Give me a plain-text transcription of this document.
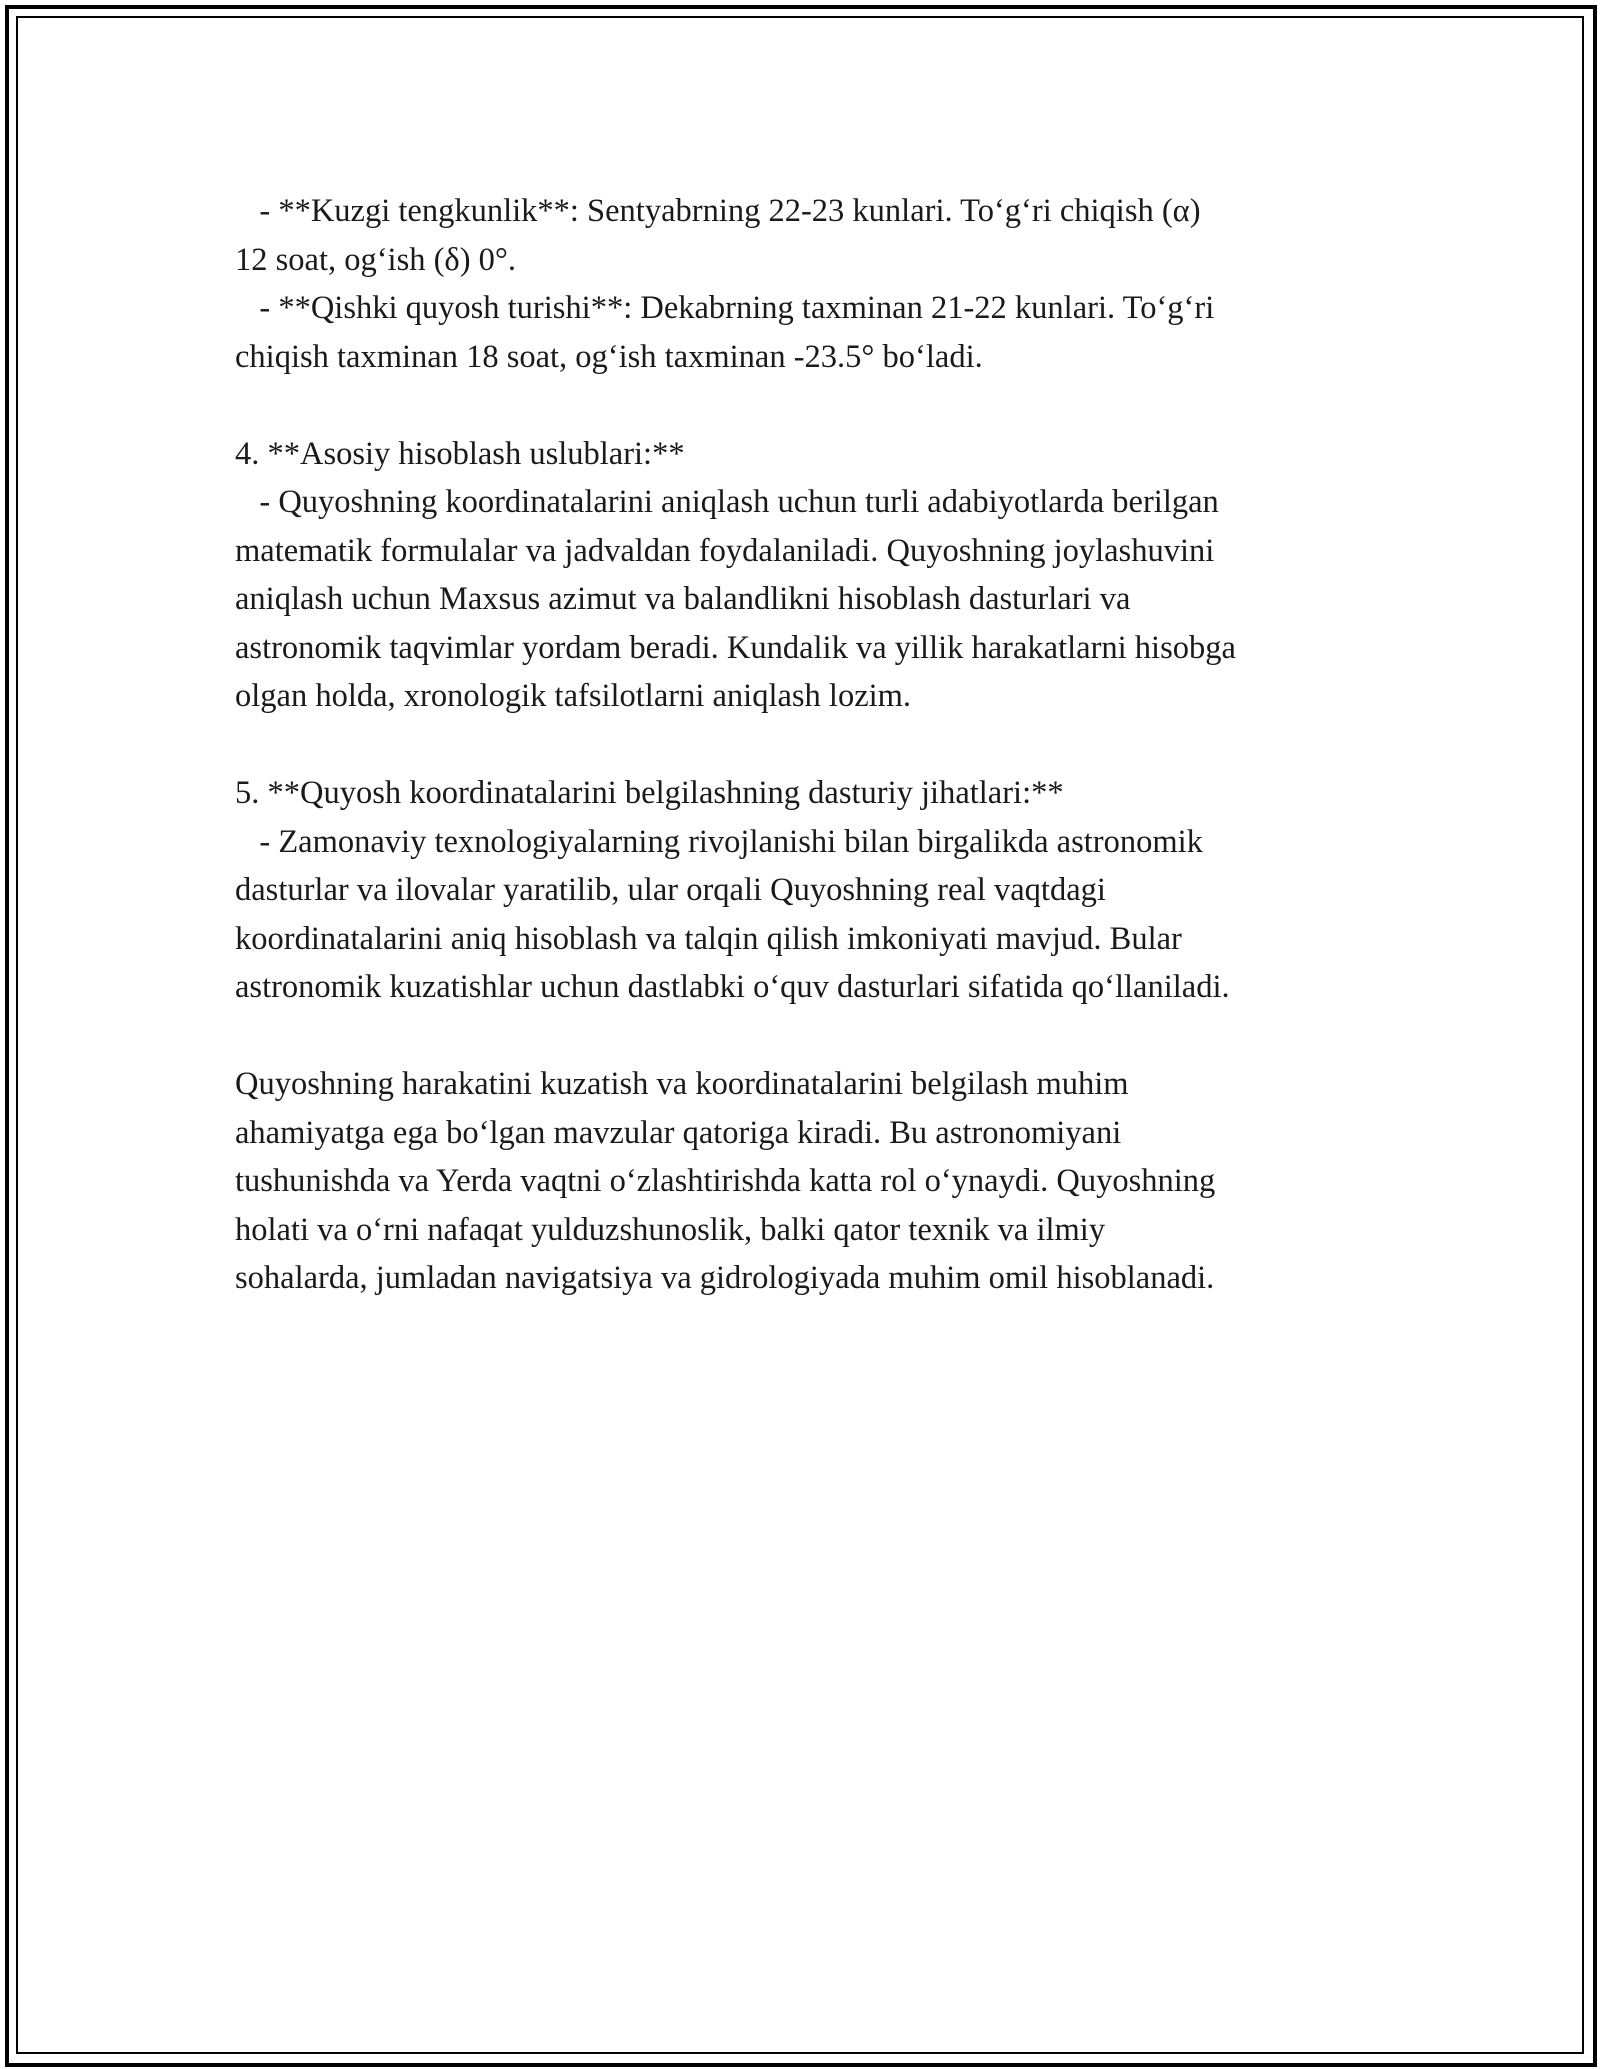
- **Kuzgi tengkunlik**: Sentyabrning 22-23 kunlari. To‘g‘ri chiqish (α)
12 soat, og‘ish (δ) 0°.
- **Qishki quyosh turishi**: Dekabrning taxminan 21-22 kunlari. To‘g‘ri
chiqish taxminan 18 soat, og‘ish taxminan -23.5° bo‘ladi.

4. **Asosiy hisoblash uslublari:**
- Quyoshning koordinatalarini aniqlash uchun turli adabiyotlarda berilgan
matematik formulalar va jadvaldan foydalaniladi. Quyoshning joylashuvini
aniqlash uchun Maxsus azimut va balandlikni hisoblash dasturlari va
astronomik taqvimlar yordam beradi. Kundalik va yillik harakatlarni hisobga
olgan holda, xronologik tafsilotlarni aniqlash lozim.

5. **Quyosh koordinatalarini belgilashning dasturiy jihatlari:**
- Zamonaviy texnologiyalarning rivojlanishi bilan birgalikda astronomik
dasturlar va ilovalar yaratilib, ular orqali Quyoshning real vaqtdagi
koordinatalarini aniq hisoblash va talqin qilish imkoniyati mavjud. Bular
astronomik kuzatishlar uchun dastlabki o‘quv dasturlari sifatida qo‘llaniladi.

Quyoshning harakatini kuzatish va koordinatalarini belgilash muhim
ahamiyatga ega bo‘lgan mavzular qatoriga kiradi. Bu astronomiyani
tushunishda va Yerda vaqtni o‘zlashtirishda katta rol o‘ynaydi. Quyoshning
holati va o‘rni nafaqat yulduzshunoslik, balki qator texnik va ilmiy
sohalarda, jumladan navigatsiya va gidrologiyada muhim omil hisoblanadi.
